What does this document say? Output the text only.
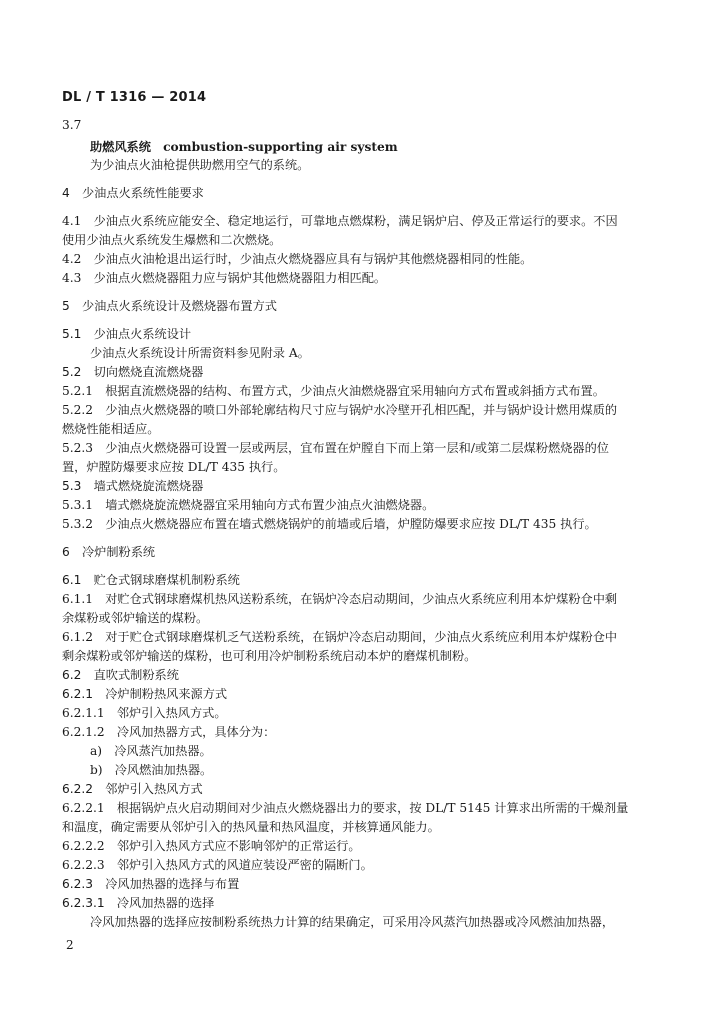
DL / T 1316 — 2014
3.7
助燃风系统　combustion-supporting air system
为少油点火油枪提供助燃用空气的系统。
4　少油点火系统性能要求
4.1　少油点火系统应能安全、稳定地运行，可靠地点燃煤粉，满足锅炉启、停及正常运行的要求。不因
使用少油点火系统发生爆燃和二次燃烧。
4.2　少油点火油枪退出运行时，少油点火燃烧器应具有与锅炉其他燃烧器相同的性能。
4.3　少油点火燃烧器阻力应与锅炉其他燃烧器阻力相匹配。
5　少油点火系统设计及燃烧器布置方式
5.1　少油点火系统设计
少油点火系统设计所需资料参见附录 A。
5.2　切向燃烧直流燃烧器
5.2.1　根据直流燃烧器的结构、布置方式，少油点火油燃烧器宜采用轴向方式布置或斜插方式布置。
5.2.2　少油点火燃烧器的喷口外部轮廓结构尺寸应与锅炉水冷壁开孔相匹配，并与锅炉设计燃用煤质的
燃烧性能相适应。
5.2.3　少油点火燃烧器可设置一层或两层，宜布置在炉膛自下而上第一层和/或第二层煤粉燃烧器的位
置，炉膛防爆要求应按 DL/T 435 执行。
5.3　墙式燃烧旋流燃烧器
5.3.1　墙式燃烧旋流燃烧器宜采用轴向方式布置少油点火油燃烧器。
5.3.2　少油点火燃烧器应布置在墙式燃烧锅炉的前墙或后墙，炉膛防爆要求应按 DL/T 435 执行。
6　冷炉制粉系统
6.1　贮仓式钢球磨煤机制粉系统
6.1.1　对贮仓式钢球磨煤机热风送粉系统，在锅炉冷态启动期间，少油点火系统应利用本炉煤粉仓中剩
余煤粉或邻炉输送的煤粉。
6.1.2　对于贮仓式钢球磨煤机乏气送粉系统，在锅炉冷态启动期间，少油点火系统应利用本炉煤粉仓中
剩余煤粉或邻炉输送的煤粉，也可利用冷炉制粉系统启动本炉的磨煤机制粉。
6.2　直吹式制粉系统
6.2.1　冷炉制粉热风来源方式
6.2.1.1　邻炉引入热风方式。
6.2.1.2　冷风加热器方式，具体分为：
a)　冷风蒸汽加热器。
b)　冷风燃油加热器。
6.2.2　邻炉引入热风方式
6.2.2.1　根据锅炉点火启动期间对少油点火燃烧器出力的要求，按 DL/T 5145 计算求出所需的干燥剂量
和温度，确定需要从邻炉引入的热风量和热风温度，并核算通风能力。
6.2.2.2　邻炉引入热风方式应不影响邻炉的正常运行。
6.2.2.3　邻炉引入热风方式的风道应装设严密的隔断门。
6.2.3　冷风加热器的选择与布置
6.2.3.1　冷风加热器的选择
冷风加热器的选择应按制粉系统热力计算的结果确定，可采用冷风蒸汽加热器或冷风燃油加热器，
2
